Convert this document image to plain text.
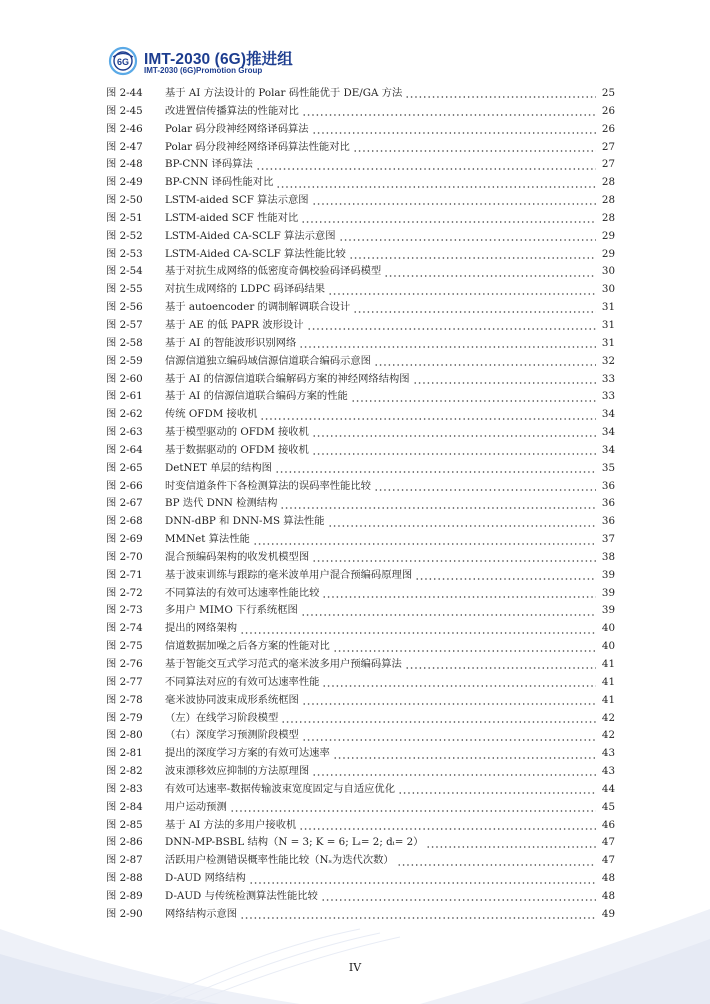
6G IMT-2030 (6G)推进组
IMT-2030 (6G)Promotion Group
图 2-44	基于 AI 方法设计的 Polar 码性能优于 DE/GA 方法	25
图 2-45	改进置信传播算法的性能对比	26
图 2-46	Polar 码分段神经网络译码算法	26
图 2-47	Polar 码分段神经网络译码算法性能对比	27
图 2-48	BP-CNN 译码算法	27
图 2-49	BP-CNN 译码性能对比	28
图 2-50	LSTM-aided SCF 算法示意图	28
图 2-51	LSTM-aided SCF 性能对比	28
图 2-52	LSTM-Aided CA-SCLF 算法示意图	29
图 2-53	LSTM-Aided CA-SCLF 算法性能比较	29
图 2-54	基于对抗生成网络的低密度奇偶校验码译码模型	30
图 2-55	对抗生成网络的 LDPC 码译码结果	30
图 2-56	基于 autoencoder 的调制解调联合设计	31
图 2-57	基于 AE 的低 PAPR 波形设计	31
图 2-58	基于 AI 的智能波形识别网络	31
图 2-59	信源信道独立编码域信源信道联合编码示意图	32
图 2-60	基于 AI 的信源信道联合编解码方案的神经网络结构图	33
图 2-61	基于 AI 的信源信道联合编码方案的性能	33
图 2-62	传统 OFDM 接收机	34
图 2-63	基于模型驱动的 OFDM 接收机	34
图 2-64	基于数据驱动的 OFDM 接收机	34
图 2-65	DetNET 单层的结构图	35
图 2-66	时变信道条件下各检测算法的误码率性能比较	36
图 2-67	BP 迭代 DNN 检测结构	36
图 2-68	DNN-dBP 和 DNN-MS 算法性能	36
图 2-69	MMNet 算法性能	37
图 2-70	混合预编码架构的收发机模型图	38
图 2-71	基于波束训练与跟踪的毫米波单用户混合预编码原理图	39
图 2-72	不同算法的有效可达速率性能比较	39
图 2-73	多用户 MIMO 下行系统框图	39
图 2-74	提出的网络架构	40
图 2-75	信道数据加噪之后各方案的性能对比	40
图 2-76	基于智能交互式学习范式的毫米波多用户预编码算法	41
图 2-77	不同算法对应的有效可达速率性能	41
图 2-78	毫米波协同波束成形系统框图	41
图 2-79	（左）在线学习阶段模型	42
图 2-80	（右）深度学习预测阶段模型	42
图 2-81	提出的深度学习方案的有效可达速率	43
图 2-82	波束漂移效应抑制的方法原理图	43
图 2-83	有效可达速率-数据传输波束宽度固定与自适应优化	44
图 2-84	用户运动预测	45
图 2-85	基于 AI 方法的多用户接收机	46
图 2-86	DNN-MP-BSBL 结构（N = 3; K = 6; Lᵢ= 2; dᵢ= 2）	47
图 2-87	活跃用户检测错误概率性能比较（Nₛ为迭代次数）	47
图 2-88	D-AUD 网络结构	48
图 2-89	D-AUD 与传统检测算法性能比较	48
图 2-90	网络结构示意图	49
IV
